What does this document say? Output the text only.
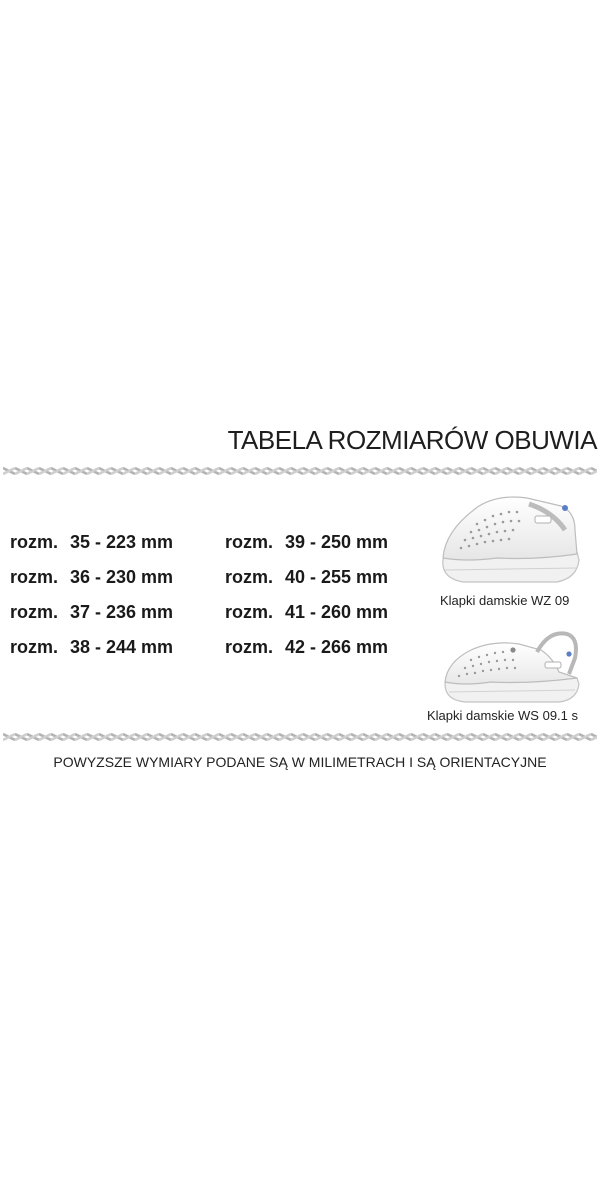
TABELA ROZMIARÓW OBUWIA
rozm. 35 - 223 mm
rozm. 36 - 230 mm
rozm. 37 - 236 mm
rozm. 38 - 244 mm
rozm. 39 - 250 mm
rozm. 40 - 255 mm
rozm. 41 - 260 mm
rozm. 42 - 266 mm
Klapki damskie WZ 09
Klapki damskie WS 09.1 s
POWYZSZE WYMIARY PODANE SĄ W MILIMETRACH I SĄ ORIENTACYJNE
